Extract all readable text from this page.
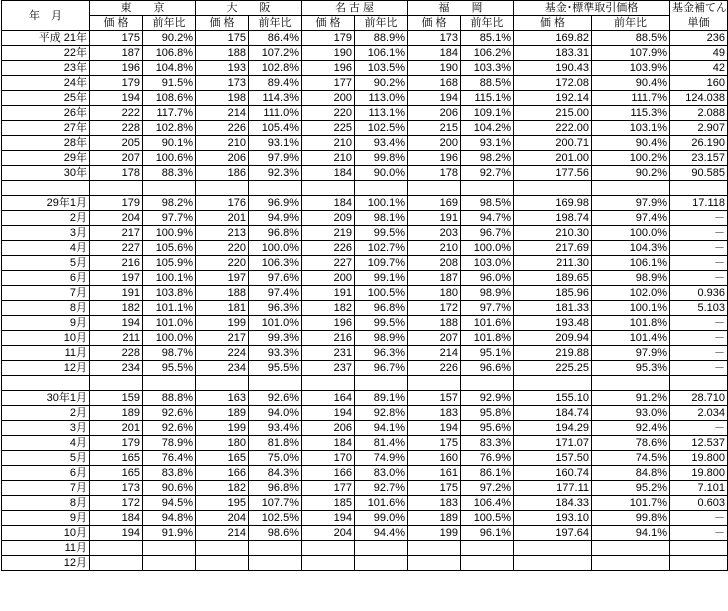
年　月	東　　京		大　　阪		名 古 屋		福　　岡		基金･標準取引価格		基金補てん
	価 格	前年比	価 格	前年比	価 格	前年比	価 格	前年比	価 格	前年比	単価
平成 21年	175	90.2%	175	86.4%	179	88.9%	173	85.1%	169.82	88.5%	236
22年	187	106.8%	188	107.2%	190	106.1%	184	106.2%	183.31	107.9%	49
23年	196	104.8%	193	102.8%	196	103.5%	190	103.3%	190.43	103.9%	42
24年	179	91.5%	173	89.4%	177	90.2%	168	88.5%	172.08	90.4%	160
25年	194	108.6%	198	114.3%	200	113.0%	194	115.1%	192.14	111.7%	124.038
26年	222	117.7%	214	111.0%	220	113.1%	206	109.1%	215.00	115.3%	2.088
27年	228	102.8%	226	105.4%	225	102.5%	215	104.2%	222.00	103.1%	2.907
28年	205	90.1%	210	93.1%	210	93.4%	200	93.1%	200.71	90.4%	26.190
29年	207	100.6%	206	97.9%	210	99.8%	196	98.2%	201.00	100.2%	23.157
30年	178	88.3%	186	92.3%	184	90.0%	178	92.7%	177.56	90.2%	90.585

29年1月	179	98.2%	176	96.9%	184	100.1%	169	98.5%	169.98	97.9%	17.118
2月	204	97.7%	201	94.9%	209	98.1%	191	94.7%	198.74	97.4%	－
3月	217	100.9%	213	96.8%	219	99.5%	203	96.7%	210.30	100.0%	－
4月	227	105.6%	220	100.0%	226	102.7%	210	100.0%	217.69	104.3%	－
5月	216	105.9%	220	106.3%	227	109.7%	208	103.0%	211.30	106.1%	－
6月	197	100.1%	197	97.6%	200	99.1%	187	96.0%	189.65	98.9%	－
7月	191	103.8%	188	97.4%	191	100.5%	180	98.9%	185.96	102.0%	0.936
8月	182	101.1%	181	96.3%	182	96.8%	172	97.7%	181.33	100.1%	5.103
9月	194	101.0%	199	101.0%	196	99.5%	188	101.6%	193.48	101.8%	－
10月	211	100.0%	217	99.3%	216	98.9%	207	101.8%	209.94	101.4%	－
11月	228	98.7%	224	93.3%	231	96.3%	214	95.1%	219.88	97.9%	－
12月	234	95.5%	234	95.5%	237	96.7%	226	96.6%	225.25	95.3%	－

30年1月	159	88.8%	163	92.6%	164	89.1%	157	92.9%	155.10	91.2%	28.710
2月	189	92.6%	189	94.0%	194	92.8%	183	95.8%	184.74	93.0%	2.034
3月	201	92.6%	199	93.4%	206	94.1%	194	95.6%	194.29	92.4%	－
4月	179	78.9%	180	81.8%	184	81.4%	175	83.3%	171.07	78.6%	12.537
5月	165	76.4%	165	75.0%	170	74.9%	160	76.9%	157.50	74.5%	19.800
6月	165	83.8%	166	84.3%	166	83.0%	161	86.1%	160.74	84.8%	19.800
7月	173	90.6%	182	96.8%	177	92.7%	175	97.2%	177.11	95.2%	7.101
8月	172	94.5%	195	107.7%	185	101.6%	183	106.4%	184.33	101.7%	0.603
9月	184	94.8%	204	102.5%	194	99.0%	189	100.5%	193.10	99.8%	－
10月	194	91.9%	214	98.6%	204	94.4%	199	96.1%	197.64	94.1%	－
11月											
12月											
